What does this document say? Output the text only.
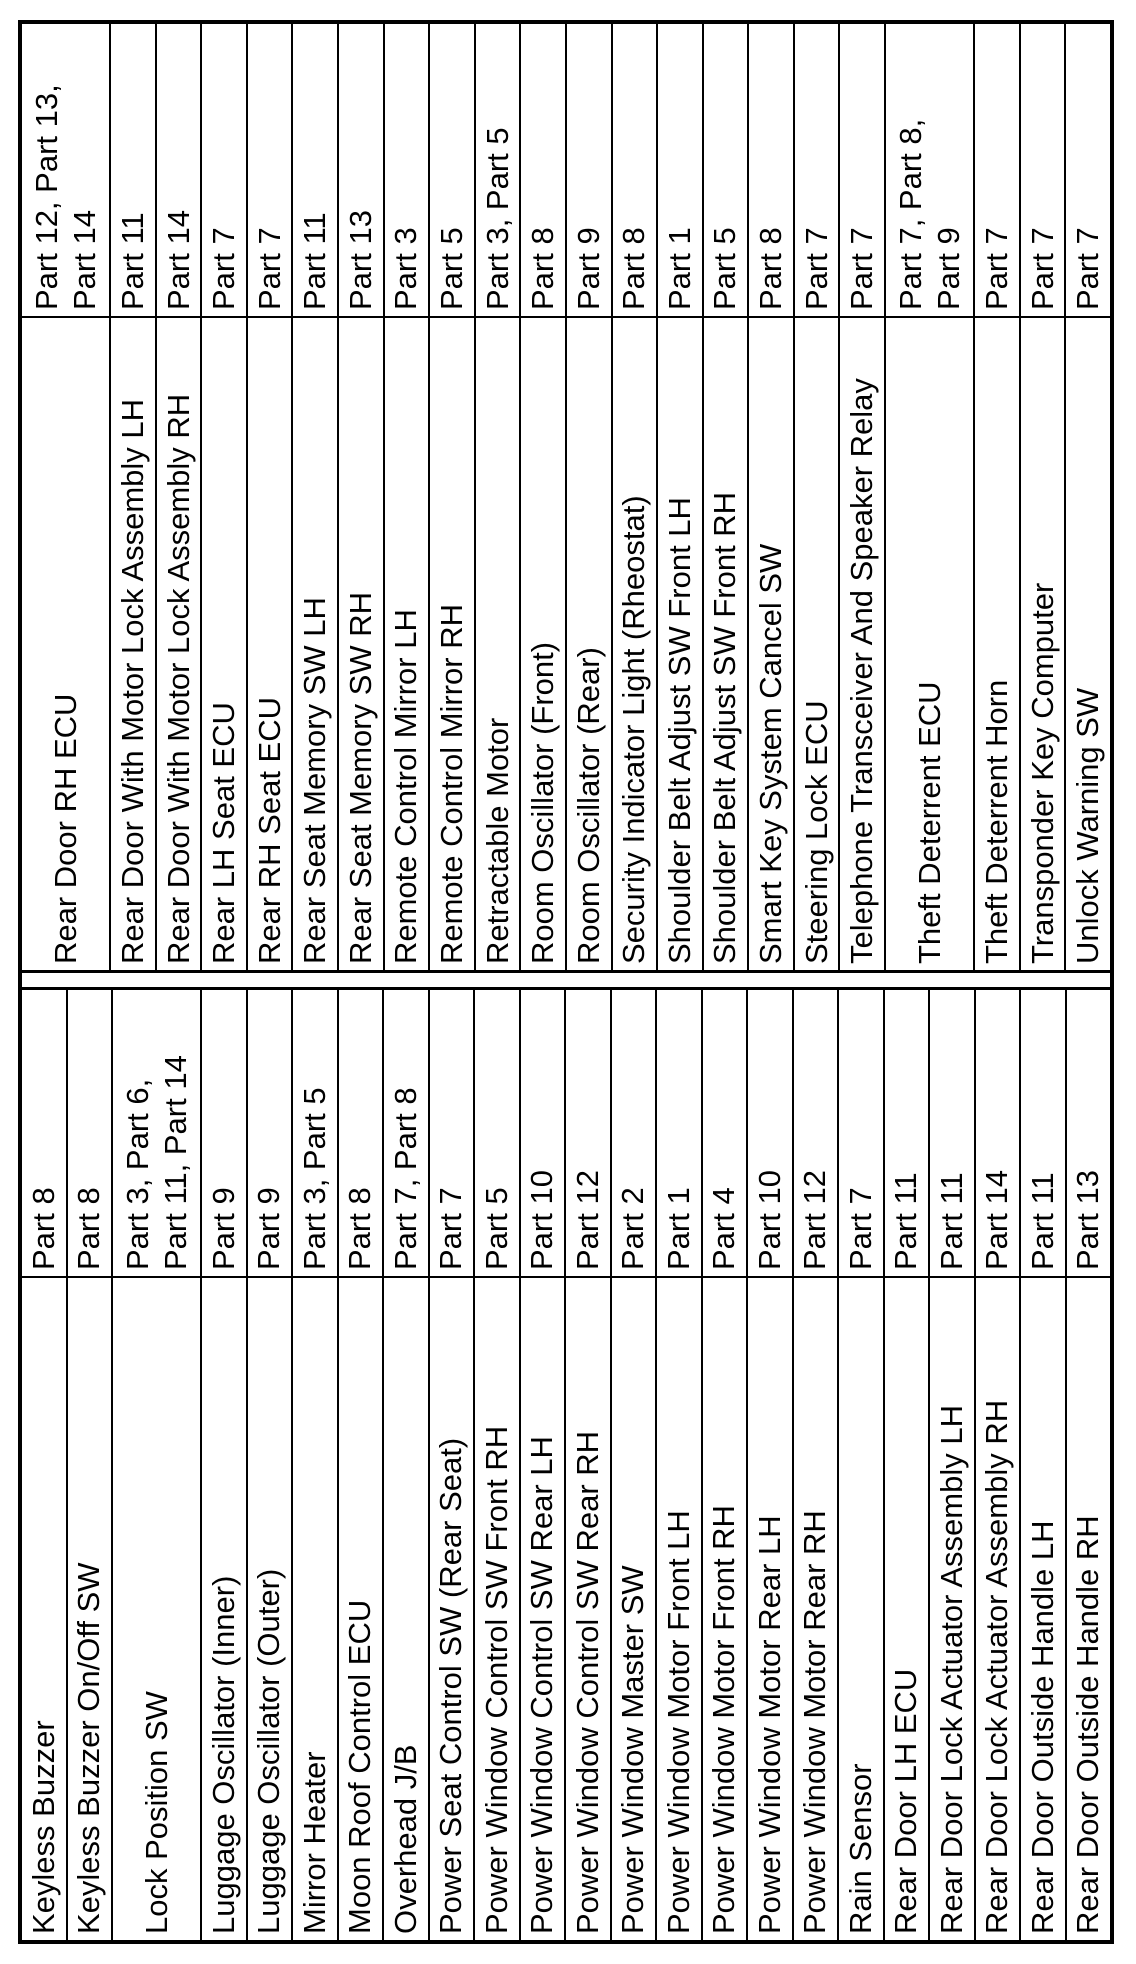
Keyless Buzzer
Part 8
Keyless Buzzer On/Off SW
Part 8
Lock Position SW
Part 3, Part 6, Part 11, Part 14
Luggage Oscillator (Inner)
Part 9
Luggage Oscillator (Outer)
Part 9
Mirror Heater
Part 3, Part 5
Moon Roof Control ECU
Part 8
Overhead J/B
Part 7, Part 8
Power Seat Control SW (Rear Seat)
Part 7
Power Window Control SW Front RH
Part 5
Power Window Control SW Rear LH
Part 10
Power Window Control SW Rear RH
Part 12
Power Window Master SW
Part 2
Power Window Motor Front LH
Part 1
Power Window Motor Front RH
Part 4
Power Window Motor Rear LH
Part 10
Power Window Motor Rear RH
Part 12
Rain Sensor
Part 7
Rear Door LH ECU
Part 11
Rear Door Lock Actuator Assembly LH
Part 11
Rear Door Lock Actuator Assembly RH
Part 14
Rear Door Outside Handle LH
Part 11
Rear Door Outside Handle RH
Part 13
Rear Door RH ECU
Part 12, Part 13, Part 14
Rear Door With Motor Lock Assembly LH
Part 11
Rear Door With Motor Lock Assembly RH
Part 14
Rear LH Seat ECU
Part 7
Rear RH Seat ECU
Part 7
Rear Seat Memory SW LH
Part 11
Rear Seat Memory SW RH
Part 13
Remote Control Mirror LH
Part 3
Remote Control Mirror RH
Part 5
Retractable Motor
Part 3, Part 5
Room Oscillator (Front)
Part 8
Room Oscillator (Rear)
Part 9
Security Indicator Light (Rheostat)
Part 8
Shoulder Belt Adjust SW Front LH
Part 1
Shoulder Belt Adjust SW Front RH
Part 5
Smart Key System Cancel SW
Part 8
Steering Lock ECU
Part 7
Telephone Transceiver And Speaker Relay
Part 7
Theft Deterrent ECU
Part 7, Part 8, Part 9
Theft Deterrent Horn
Part 7
Transponder Key Computer
Part 7
Unlock Warning SW
Part 7
